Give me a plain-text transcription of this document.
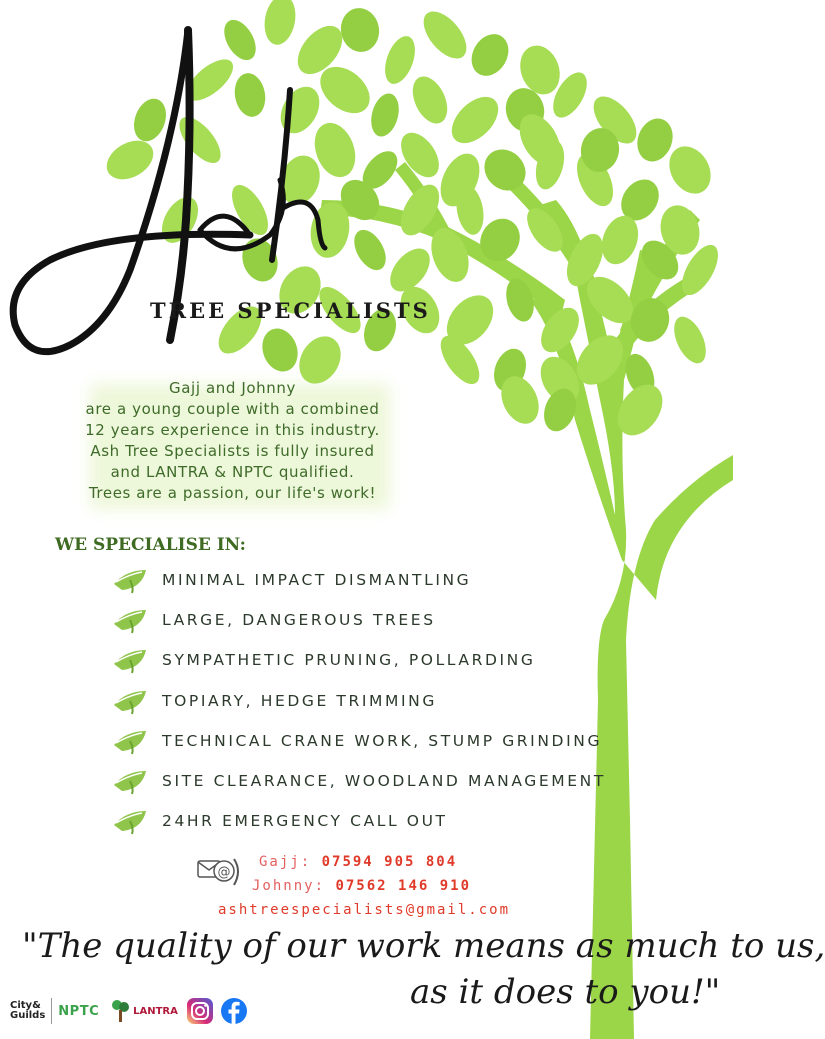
TREE SPECIALISTS

Gajj and Johnny

are a young couple with a combined

12 years experience in this industry.

Ash Tree Specialists is fully insured

and LANTRA & NPTC qualified.

Trees are a passion, our life's work!

WE SPECIALISE IN:
MINIMAL IMPACT DISMANTLING
LARGE, DANGEROUS TREES
SYMPATHETIC PRUNING, POLLARDING
TOPIARY, HEDGE TRIMMING
TECHNICAL CRANE WORK, STUMP GRINDING
SITE CLEARANCE, WOODLAND MANAGEMENT
24HR EMERGENCY CALL OUT
@
Gajj: 07594 905 804
Johnny: 07562 146 910
ashtreespecialists@gmail.com
"The quality of our work means as much to us,
as it does to you!"
City&
Guilds NPTC	LANTRA
